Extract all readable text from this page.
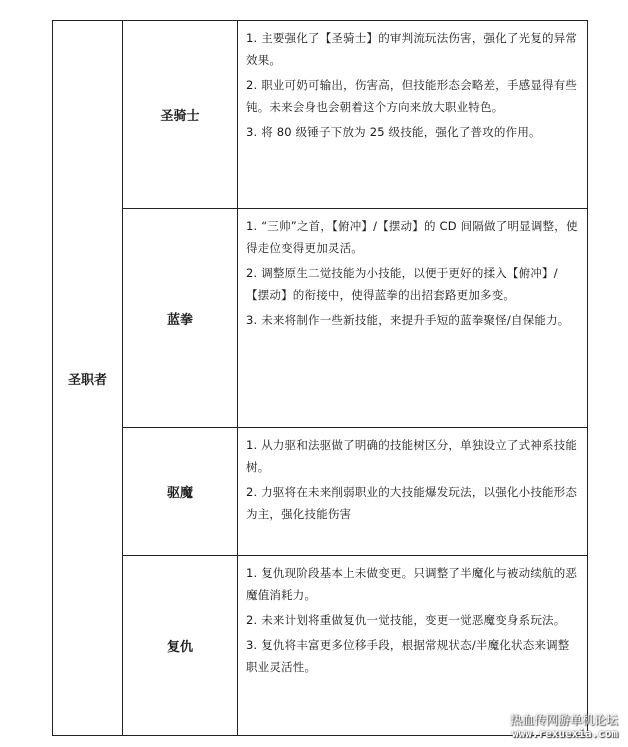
圣职者	圣骑士	1. 主要强化了【圣骑士】的审判流玩法伤害，强化了光复的异常效果。

2. 职业可奶可输出，伤害高，但技能形态会略差，手感显得有些钝。未来会身也会朝着这个方向来放大职业特色。

3. 将 80 级锤子下放为 25 级技能，强化了普攻的作用。

	蓝拳	1. “三帅”之首，【俯冲】/【摆动】的 CD 间隔做了明显调整，使得走位变得更加灵活。

2. 调整原生二觉技能为小技能，以便于更好的揉入【俯冲】/【摆动】的衔接中，使得蓝拳的出招套路更加多变。

3. 未来将制作一些新技能，来提升手短的蓝拳聚怪/自保能力。

	驱魔	1. 从力驱和法驱做了明确的技能树区分，单独设立了式神系技能树。

2. 力驱将在未来削弱职业的大技能爆发玩法，以强化小技能形态为主，强化技能伤害

	复仇	1. 复仇现阶段基本上未做变更。只调整了半魔化与被动续航的恶魔值消耗力。

2. 未来计划将重做复仇一觉技能，变更一觉恶魔变身系玩法。

3. 复仇将丰富更多位移手段，根据常规状态/半魔化状态来调整职业灵活性。

热血传网游单机论坛
www.rexuexia.com
